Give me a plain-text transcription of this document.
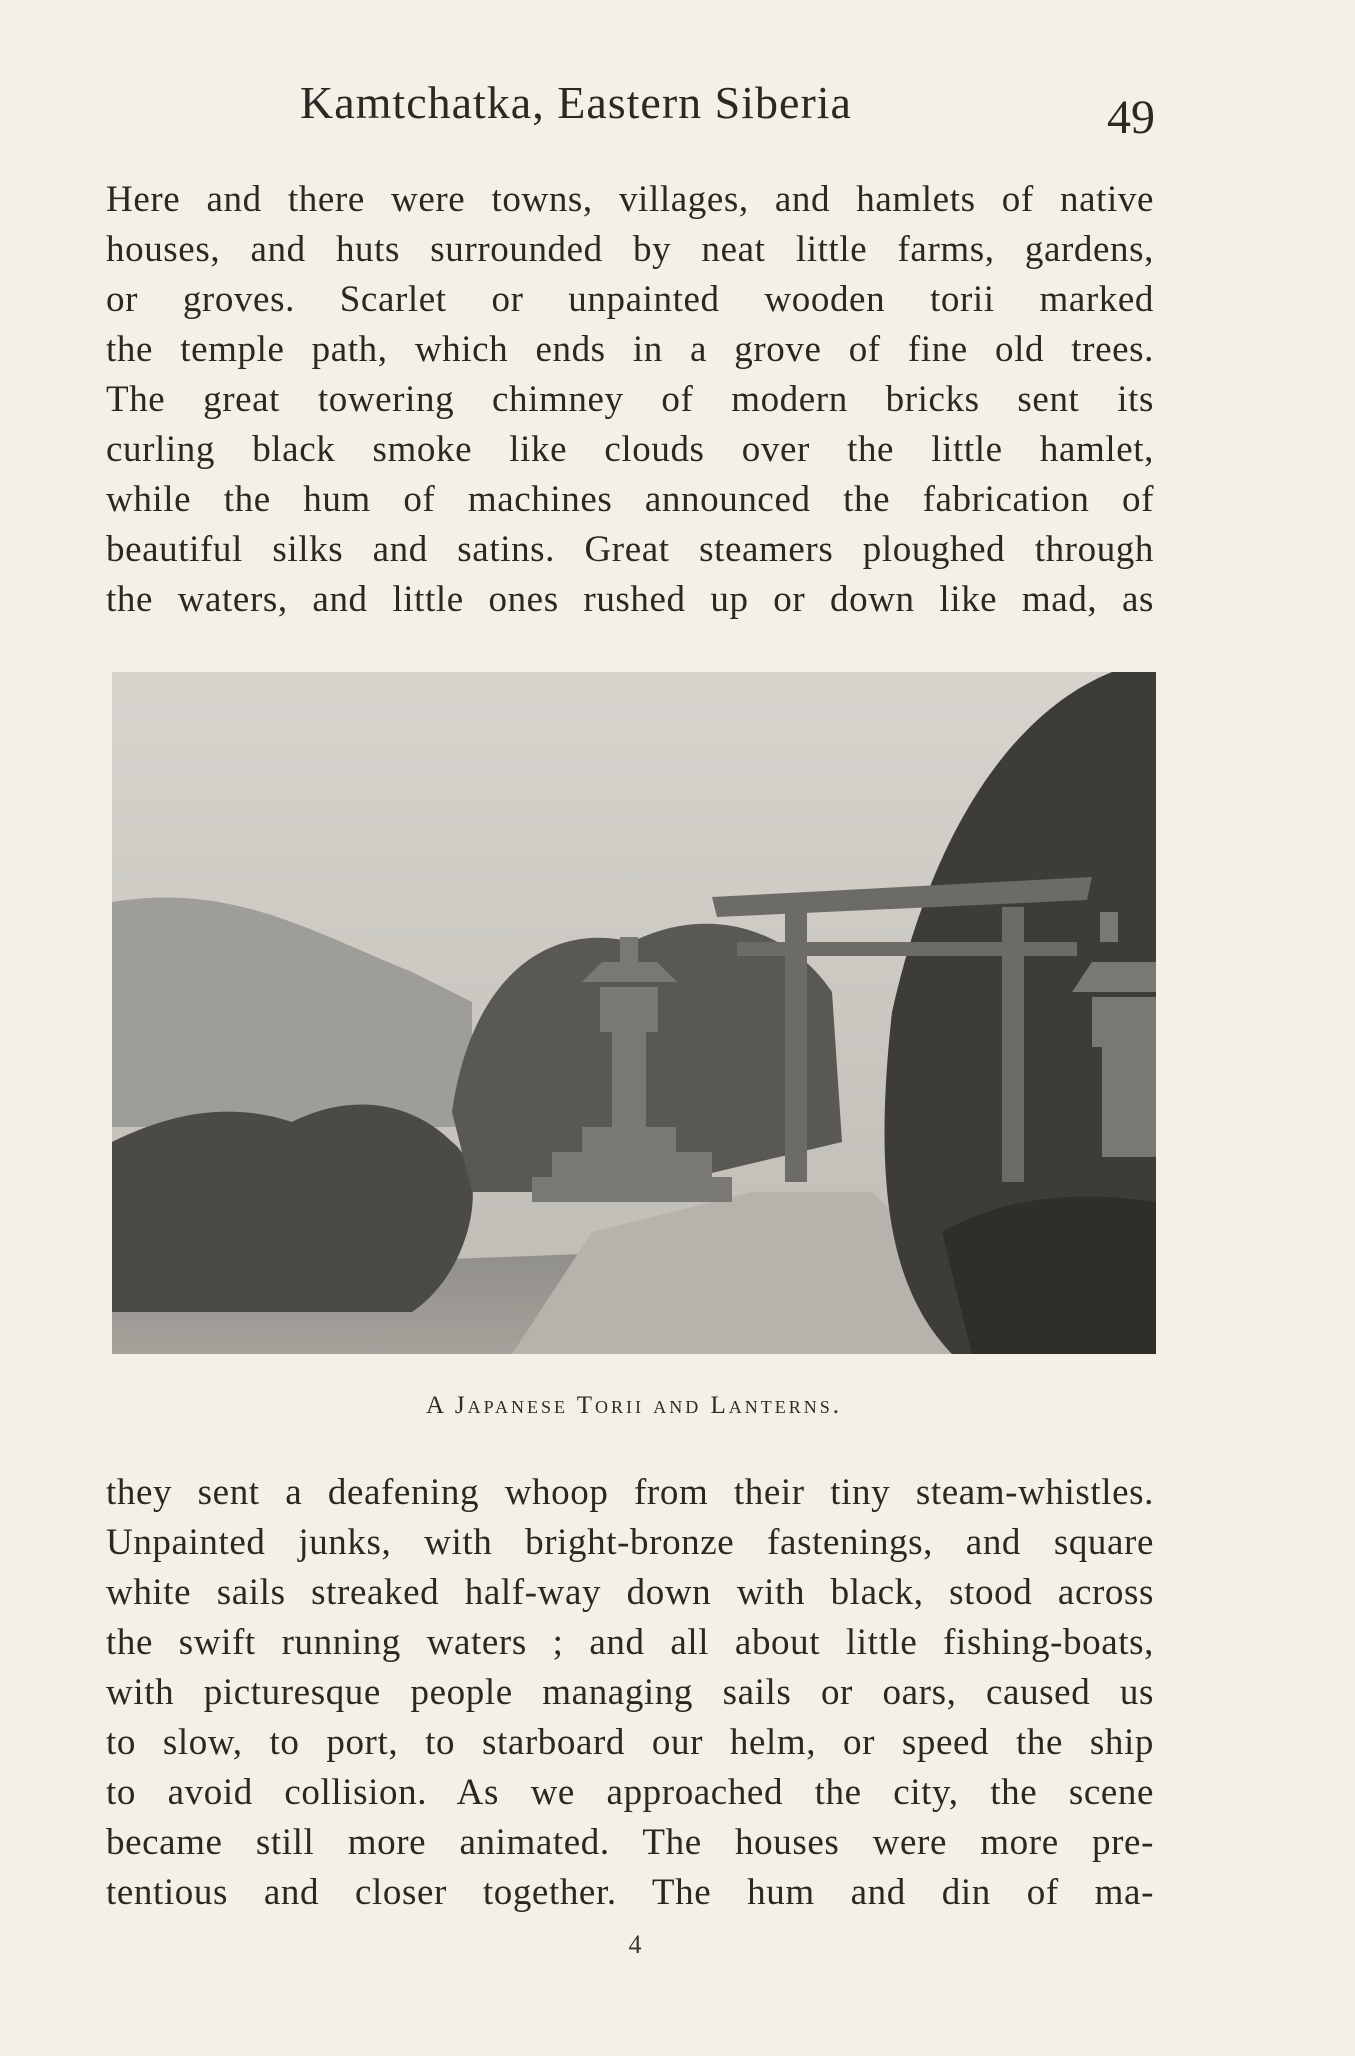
Kamtchatka, Eastern Siberia	49
Here and there were towns, villages, and hamlets of native
houses, and huts surrounded by neat little farms, gardens,
or groves. Scarlet or unpainted wooden torii marked
the temple path, which ends in a grove of fine old trees.
The great towering chimney of modern bricks sent its
curling black smoke like clouds over the little hamlet,
while the hum of machines announced the fabrication of
beautiful silks and satins. Great steamers ploughed through
the waters, and little ones rushed up or down like mad, as
A Japanese Torii and Lanterns.
they sent a deafening whoop from their tiny steam-whistles.
Unpainted junks, with bright-bronze fastenings, and square
white sails streaked half-way down with black, stood across
the swift running waters ; and all about little fishing-boats,
with picturesque people managing sails or oars, caused us
to slow, to port, to starboard our helm, or speed the ship
to avoid collision. As we approached the city, the scene
became still more animated. The houses were more pre-
tentious and closer together. The hum and din of ma-
4
